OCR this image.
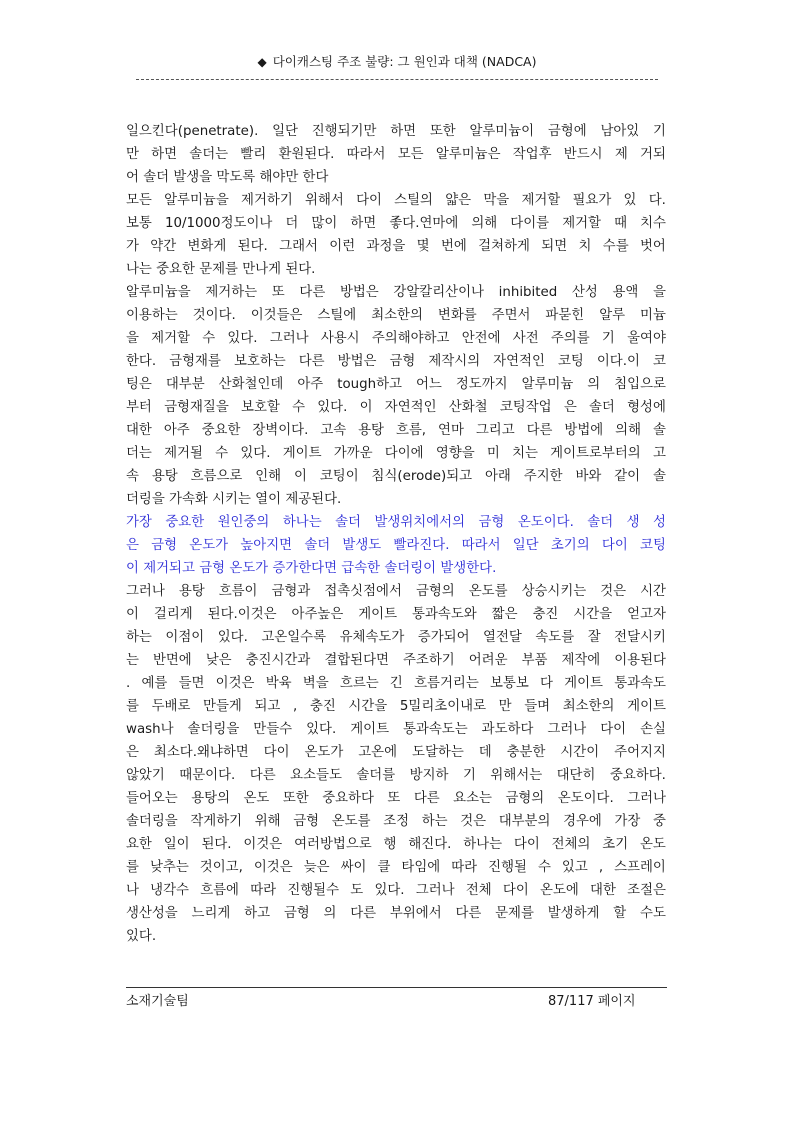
◆ 다이캐스팅 주조 불량: 그 원인과 대책 (NADCA)
일으킨다(penetrate). 일단 진행되기만 하면 또한 알루미늄이 금형에 남아있 기
만 하면 솔더는 빨리 환원된다. 따라서 모든 알루미늄은 작업후 반드시 제 거되
어 솔더 발생을 막도록 해야만 한다
모든 알루미늄을 제거하기 위해서 다이 스틸의 얇은 막을 제거할 필요가 있 다.
보통 10/1000정도이나 더 많이 하면 좋다.연마에 의해 다이를 제거할 때 치수
가 약간 변화게 된다. 그래서 이런 과정을 몇 번에 걸쳐하게 되면 치 수를 벗어
나는 중요한 문제를 만나게 된다.
알루미늄을 제거하는 또 다른 방법은 강알칼리산이나 inhibited 산성 용액 을
이용하는 것이다. 이것들은 스틸에 최소한의 변화를 주면서 파묻힌 알루 미늄
을 제거할 수 있다. 그러나 사용시 주의해야하고 안전에 사전 주의를 기 울여야
한다. 금형재를 보호하는 다른 방법은 금형 제작시의 자연적인 코팅 이다.이 코
팅은 대부분 산화철인데 아주 tough하고 어느 정도까지 알루미늄 의 침입으로
부터 금형재질을 보호할 수 있다. 이 자연적인 산화철 코팅작업 은 솔더 형성에
대한 아주 중요한 장벽이다. 고속 용탕 흐름, 연마 그리고 다른 방법에 의해 솔
더는 제거될 수 있다. 게이트 가까운 다이에 영향을 미 치는 게이트로부터의 고
속 용탕 흐름으로 인해 이 코팅이 침식(erode)되고 아래 주지한 바와 같이 솔
더링을 가속화 시키는 열이 제공된다.
가장 중요한 원인중의 하나는 솔더 발생위치에서의 금형 온도이다. 솔더 생 성
은 금형 온도가 높아지면 솔더 발생도 빨라진다. 따라서 일단 초기의 다이 코팅
이 제거되고 금형 온도가 증가한다면 급속한 솔더링이 발생한다.
그러나 용탕 흐름이 금형과 접촉싯점에서 금형의 온도를 상승시키는 것은 시간
이 걸리게 된다.이것은 아주높은 게이트 통과속도와 짧은 충진 시간을 얻고자
하는 이점이 있다. 고온일수록 유체속도가 증가되어 열전달 속도를 잘 전달시키
는 반면에 낮은 충진시간과 결합된다면 주조하기 어려운 부품 제작에 이용된다
. 예를 들면 이것은 박육 벽을 흐르는 긴 흐름거리는 보통보 다 게이트 통과속도
를 두배로 만들게 되고 , 충진 시간을 5밀리초이내로 만 들며 최소한의 게이트
wash나 솔더링을 만들수 있다. 게이트 통과속도는 과도하다 그러나 다이 손실
은 최소다.왜냐하면 다이 온도가 고온에 도달하는 데 충분한 시간이 주어지지
않았기 때문이다. 다른 요소들도 솔더를 방지하 기 위해서는 대단히 중요하다.
들어오는 용탕의 온도 또한 중요하다 또 다른 요소는 금형의 온도이다. 그러나
솔더링을 작게하기 위해 금형 온도를 조정 하는 것은 대부분의 경우에 가장 중
요한 일이 된다. 이것은 여러방법으로 행 해진다. 하나는 다이 전체의 초기 온도
를 낮추는 것이고, 이것은 늦은 싸이 클 타임에 따라 진행될 수 있고 , 스프레이
나 냉각수 흐름에 따라 진행될수 도 있다. 그러나 전체 다이 온도에 대한 조절은
생산성을 느리게 하고 금형 의 다른 부위에서 다른 문제를 발생하게 할 수도
있다.
소재기술팀	87/117 페이지
